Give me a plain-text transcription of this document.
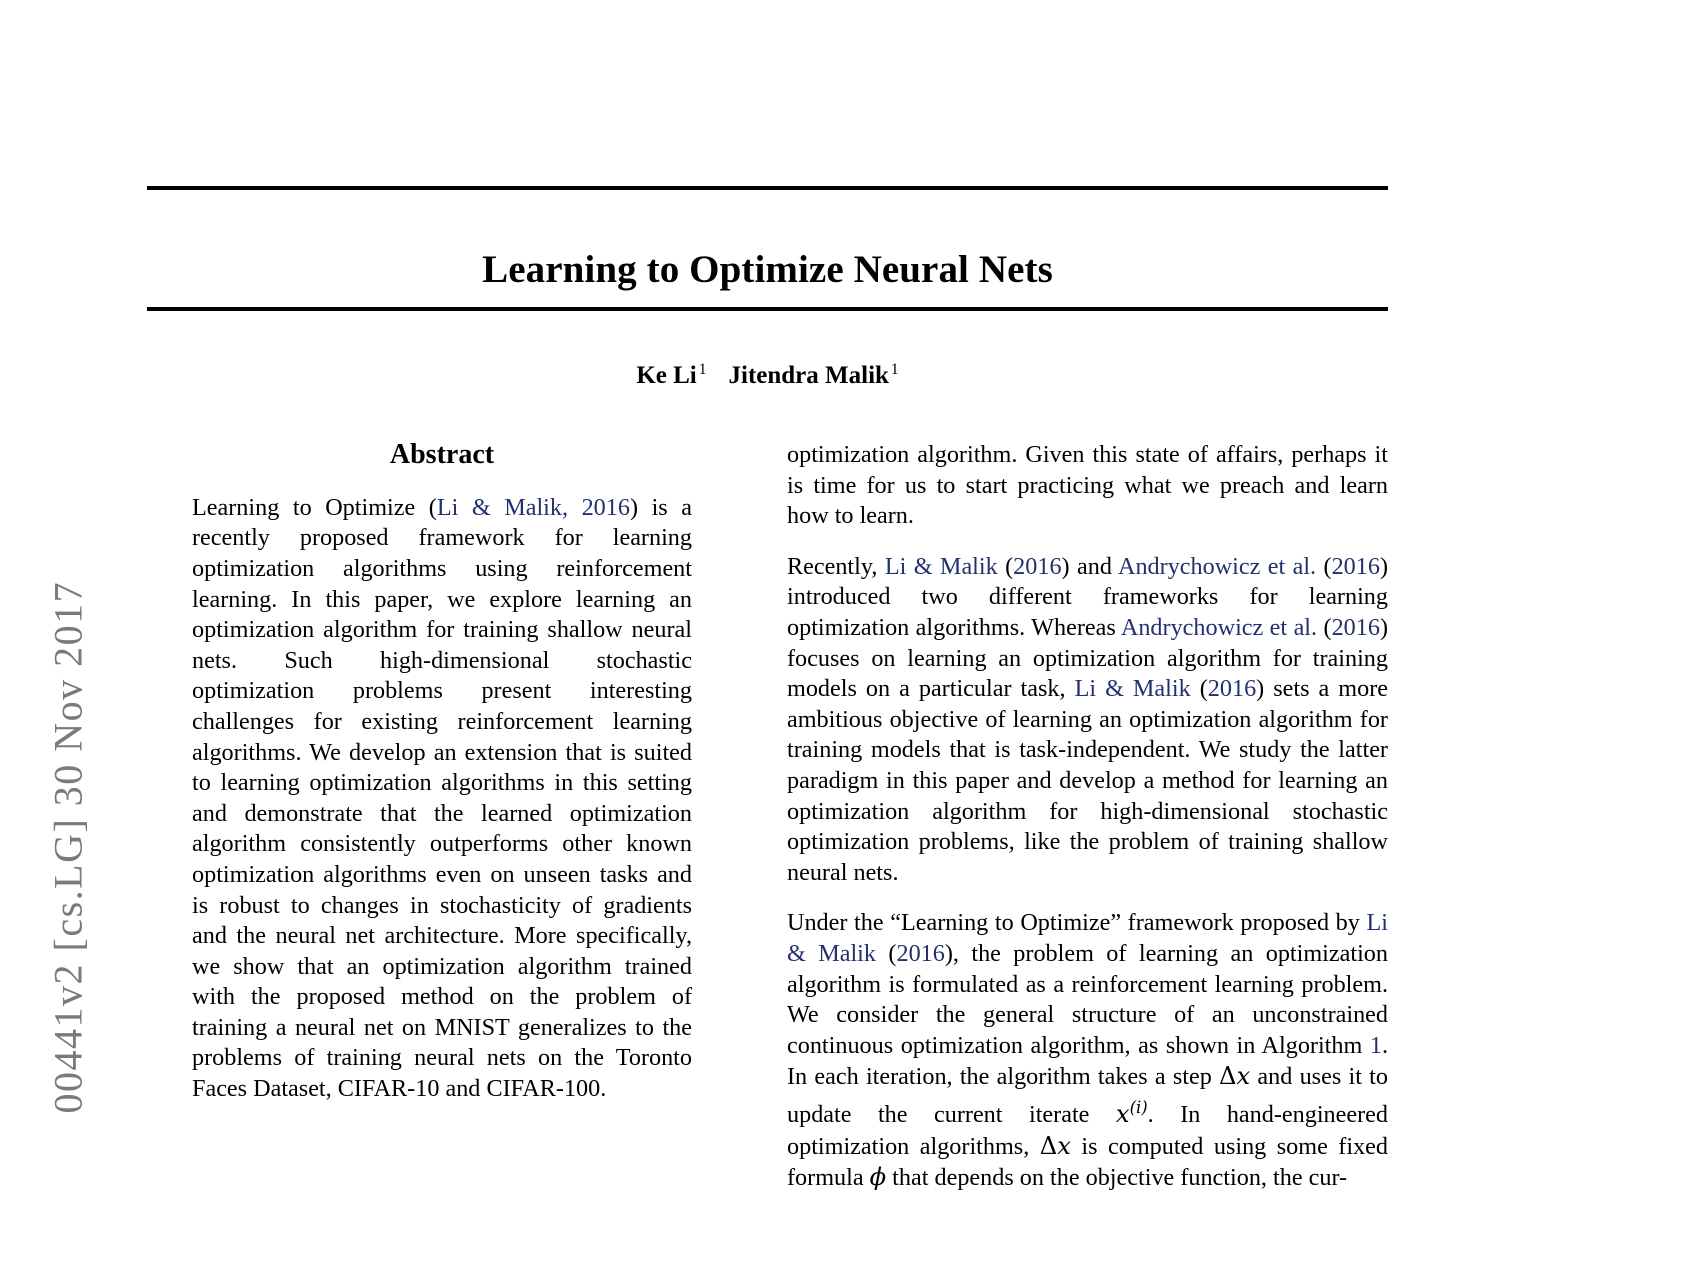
00441v2 [cs.LG] 30 Nov 2017
Learning to Optimize Neural Nets
Ke Li $^1$ Jitendra Malik $^1$
Abstract

Learning to Optimize (Li & Malik, 2016) is a recently proposed framework for learning optimization algorithms using reinforcement learning. In this paper, we explore learning an optimization algorithm for training shallow neural nets. Such high-dimensional stochastic optimization problems present interesting challenges for existing reinforcement learning algorithms. We develop an extension that is suited to learning optimization algorithms in this setting and demonstrate that the learned optimization algorithm consistently outperforms other known optimization algorithms even on unseen tasks and is robust to changes in stochasticity of gradients and the neural net architecture. More specifically, we show that an optimization algorithm trained with the proposed method on the problem of training a neural net on MNIST generalizes to the problems of training neural nets on the Toronto Faces Dataset, CIFAR-10 and CIFAR-100.

optimization algorithm. Given this state of affairs, perhaps it is time for us to start practicing what we preach and learn how to learn.

Recently, Li & Malik (2016) and Andrychowicz et al. (2016) introduced two different frameworks for learning optimization algorithms. Whereas Andrychowicz et al. (2016) focuses on learning an optimization algorithm for training models on a particular task, Li & Malik (2016) sets a more ambitious objective of learning an optimization algorithm for training models that is task-independent. We study the latter paradigm in this paper and develop a method for learning an optimization algorithm for high-dimensional stochastic optimization problems, like the problem of training shallow neural nets.

Under the “Learning to Optimize” framework proposed by Li & Malik (2016), the problem of learning an optimization algorithm is formulated as a reinforcement learning problem. We consider the general structure of an unconstrained continuous optimization algorithm, as shown in Algorithm 1. In each iteration, the algorithm takes a step Δx and uses it to update the current iterate $x^{(i)}$. In hand-engineered optimization algorithms, Δx is computed using some fixed formula ϕ that depends on the objective function, the cur-
